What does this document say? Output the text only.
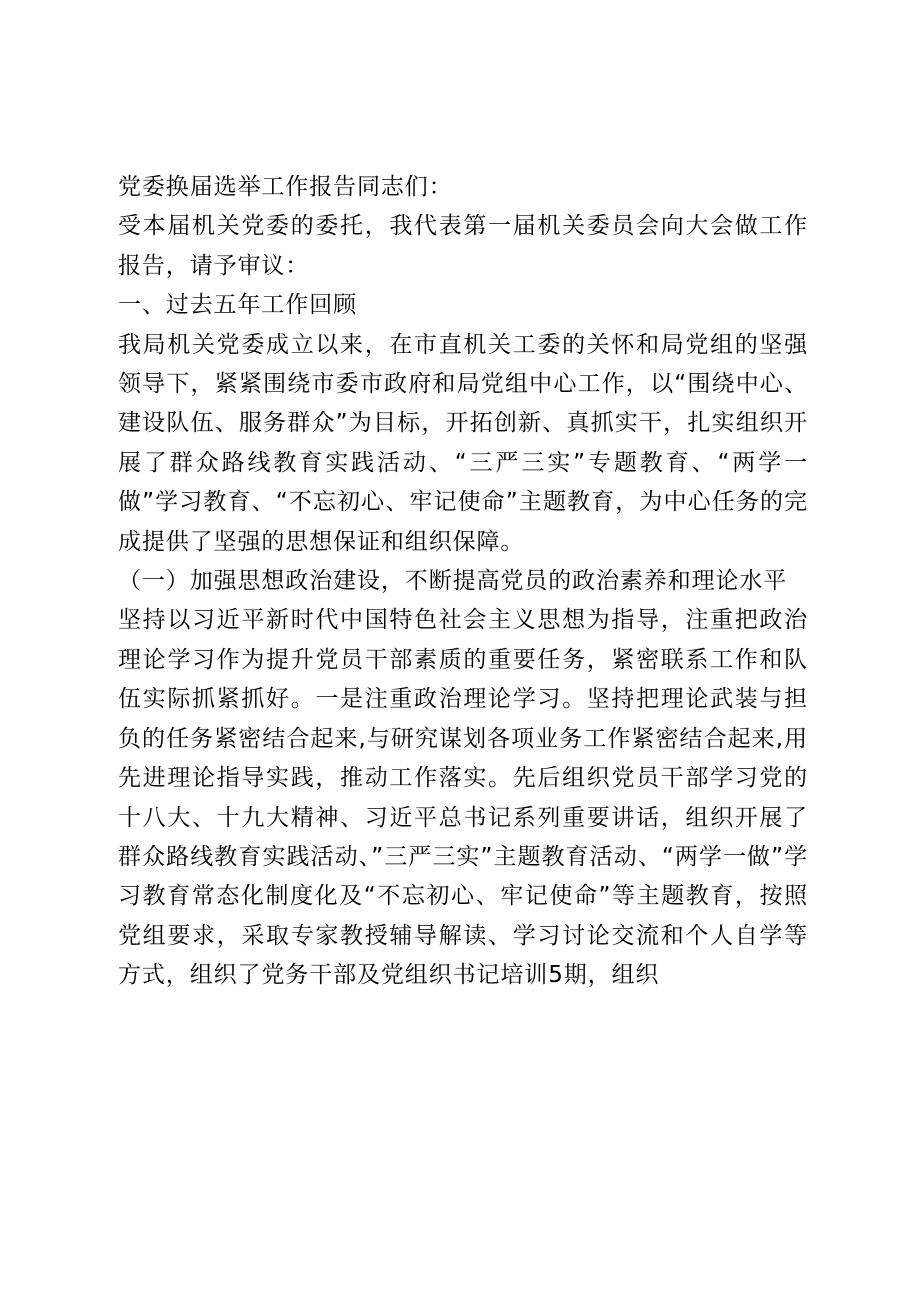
党委换届选举工作报告同志们：

受本届机关党委的委托，我代表第一届机关委员会向大会做工作报告，请予审议：

一、过去五年工作回顾

我局机关党委成立以来，在市直机关工委的关怀和局党组的坚强领导下，紧紧围绕市委市政府和局党组中心工作，以“围绕中心、建设队伍、服务群众”为目标，开拓创新、真抓实干，扎实组织开展了群众路线教育实践活动、“三严三实”专题教育、“两学一做”学习教育、“不忘初心、牢记使命”主题教育，为中心任务的完成提供了坚强的思想保证和组织保障。

（一）加强思想政治建设，不断提高党员的政治素养和理论水平

坚持以习近平新时代中国特色社会主义思想为指导，注重把政治理论学习作为提升党员干部素质的重要任务，紧密联系工作和队伍实际抓紧抓好。一是注重政治理论学习。坚持把理论武装与担负的任务紧密结合起来,与研究谋划各项业务工作紧密结合起来,用先进理论指导实践，推动工作落实。先后组织党员干部学习党的十八大、十九大精神、习近平总书记系列重要讲话，组织开展了群众路线教育实践活动、”三严三实”主题教育活动、“两学一做”学习教育常态化制度化及“不忘初心、牢记使命”等主题教育，按照党组要求，采取专家教授辅导解读、学习讨论交流和个人自学等方式，组织了党务干部及党组织书记培训5期，组织
